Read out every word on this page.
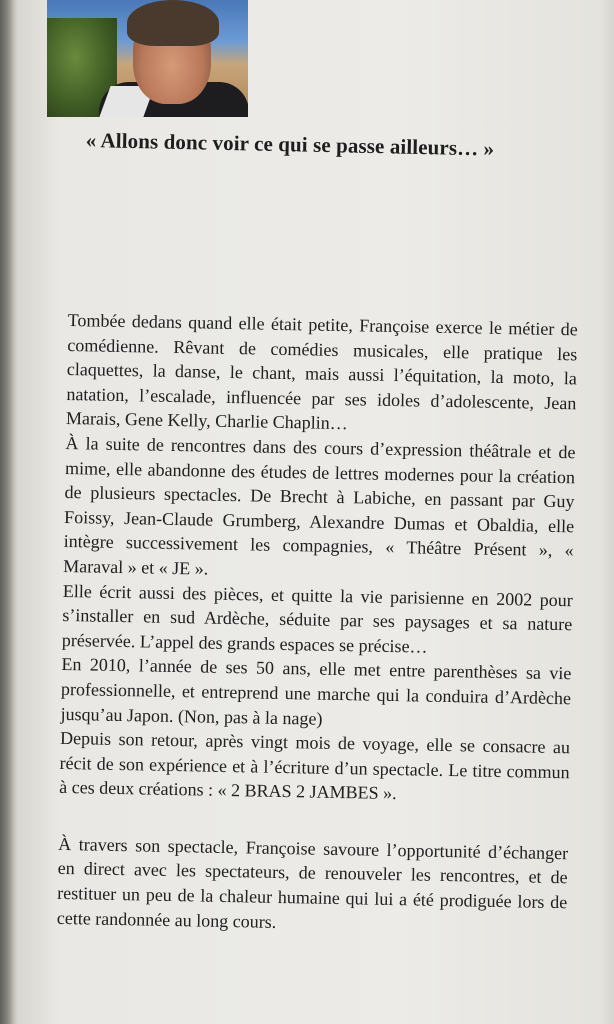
« Allons donc voir ce qui se passe ailleurs… »

Tombée dedans quand elle était petite, Françoise exerce le métier de comédienne. Rêvant de comédies musicales, elle pratique les claquettes, la danse, le chant, mais aussi l’équitation, la moto, la natation, l’escalade, influencée par ses idoles d’adolescente, Jean Marais, Gene Kelly, Charlie Chaplin…

À la suite de rencontres dans des cours d’expression théâtrale et de mime, elle abandonne des études de lettres modernes pour la création de plusieurs spectacles. De Brecht à Labiche, en passant par Guy Foissy, Jean-Claude Grumberg, Alexandre Dumas et Obaldia, elle intègre successivement les compagnies, « Théâtre Présent », « Maraval » et « JE ».

Elle écrit aussi des pièces, et quitte la vie parisienne en 2002 pour s’installer en sud Ardèche, séduite par ses paysages et sa nature préservée. L’appel des grands espaces se précise…

En 2010, l’année de ses 50 ans, elle met entre parenthèses sa vie professionnelle, et entreprend une marche qui la conduira d’Ardèche jusqu’au Japon. (Non, pas à la nage)

Depuis son retour, après vingt mois de voyage, elle se consacre au récit de son expérience et à l’écriture d’un spectacle. Le titre commun à ces deux créations : « 2 BRAS 2 JAMBES ».

À travers son spectacle, Françoise savoure l’opportunité d’échanger en direct avec les spectateurs, de renouveler les rencontres, et de restituer un peu de la chaleur humaine qui lui a été prodiguée lors de cette randonnée au long cours.
